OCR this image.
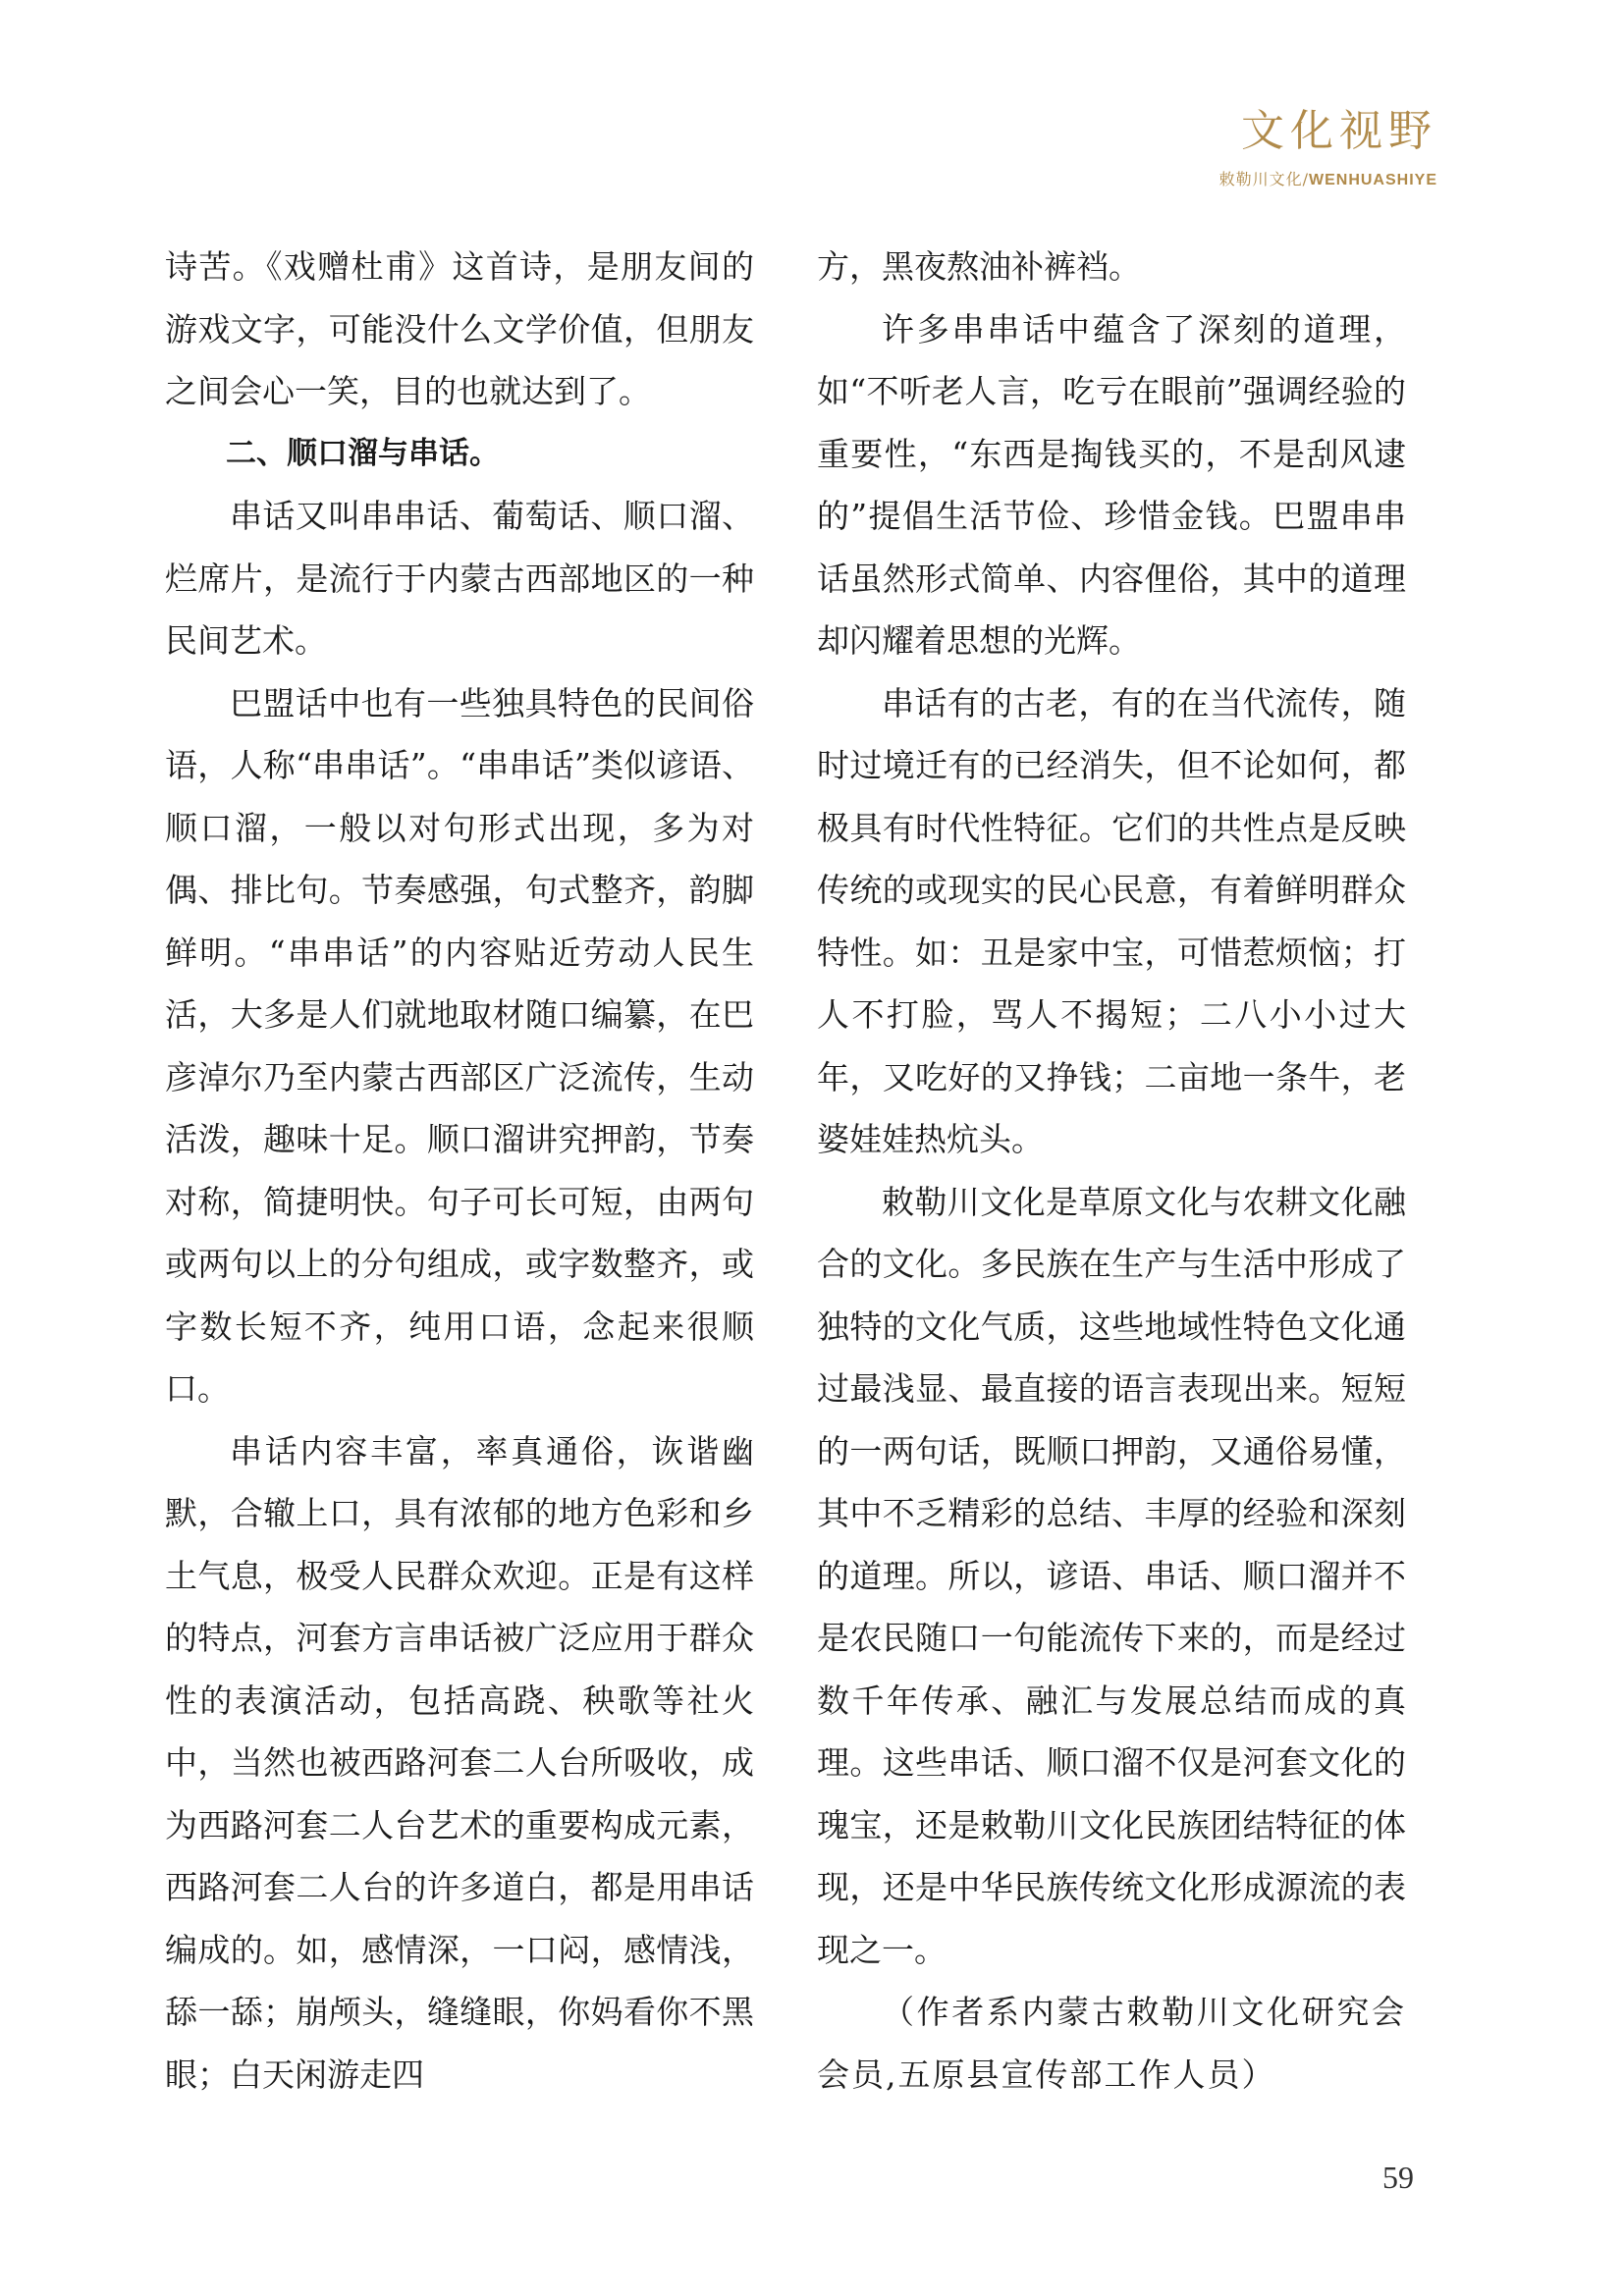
文化视野
敕勒川文化/WENHUASHIYE

诗苦。《戏赠杜甫》这首诗，是朋友间的游戏文字，可能没什么文学价值，但朋友之间会心一笑，目的也就达到了。

二、顺口溜与串话。

串话又叫串串话、葡萄话、顺口溜、烂席片，是流行于内蒙古西部地区的一种民间艺术。

巴盟话中也有一些独具特色的民间俗语，人称“串串话”。“串串话”类似谚语、顺口溜，一般以对句形式出现，多为对偶、排比句。节奏感强，句式整齐，韵脚鲜明。“串串话”的内容贴近劳动人民生活，大多是人们就地取材随口编纂，在巴彦淖尔乃至内蒙古西部区广泛流传，生动活泼，趣味十足。顺口溜讲究押韵，节奏对称，简捷明快。句子可长可短，由两句或两句以上的分句组成，或字数整齐，或字数长短不齐，纯用口语，念起来很顺口。

串话内容丰富，率真通俗，诙谐幽默，合辙上口，具有浓郁的地方色彩和乡土气息，极受人民群众欢迎。正是有这样的特点，河套方言串话被广泛应用于群众性的表演活动，包括高跷、秧歌等社火中，当然也被西路河套二人台所吸收，成为西路河套二人台艺术的重要构成元素，西路河套二人台的许多道白，都是用串话编成的。如，感情深，一口闷，感情浅，舔一舔；崩颅头，缝缝眼，你妈看你不黑眼；白天闲游走四

方，黑夜熬油补裤裆。

许多串串话中蕴含了深刻的道理，如“不听老人言，吃亏在眼前”强调经验的重要性，“东西是掏钱买的，不是刮风逮的”提倡生活节俭、珍惜金钱。巴盟串串话虽然形式简单、内容俚俗，其中的道理却闪耀着思想的光辉。

串话有的古老，有的在当代流传，随时过境迁有的已经消失，但不论如何，都极具有时代性特征。它们的共性点是反映传统的或现实的民心民意，有着鲜明群众特性。如：丑是家中宝，可惜惹烦恼；打人不打脸，骂人不揭短；二八小小过大年，又吃好的又挣钱；二亩地一条牛，老婆娃娃热炕头。

敕勒川文化是草原文化与农耕文化融合的文化。多民族在生产与生活中形成了独特的文化气质，这些地域性特色文化通过最浅显、最直接的语言表现出来。短短的一两句话，既顺口押韵，又通俗易懂，其中不乏精彩的总结、丰厚的经验和深刻的道理。所以，谚语、串话、顺口溜并不是农民随口一句能流传下来的，而是经过数千年传承、融汇与发展总结而成的真理。这些串话、顺口溜不仅是河套文化的瑰宝，还是敕勒川文化民族团结特征的体现，还是中华民族传统文化形成源流的表现之一。

（作者系内蒙古敕勒川文化研究会会员,五原县宣传部工作人员）

59
